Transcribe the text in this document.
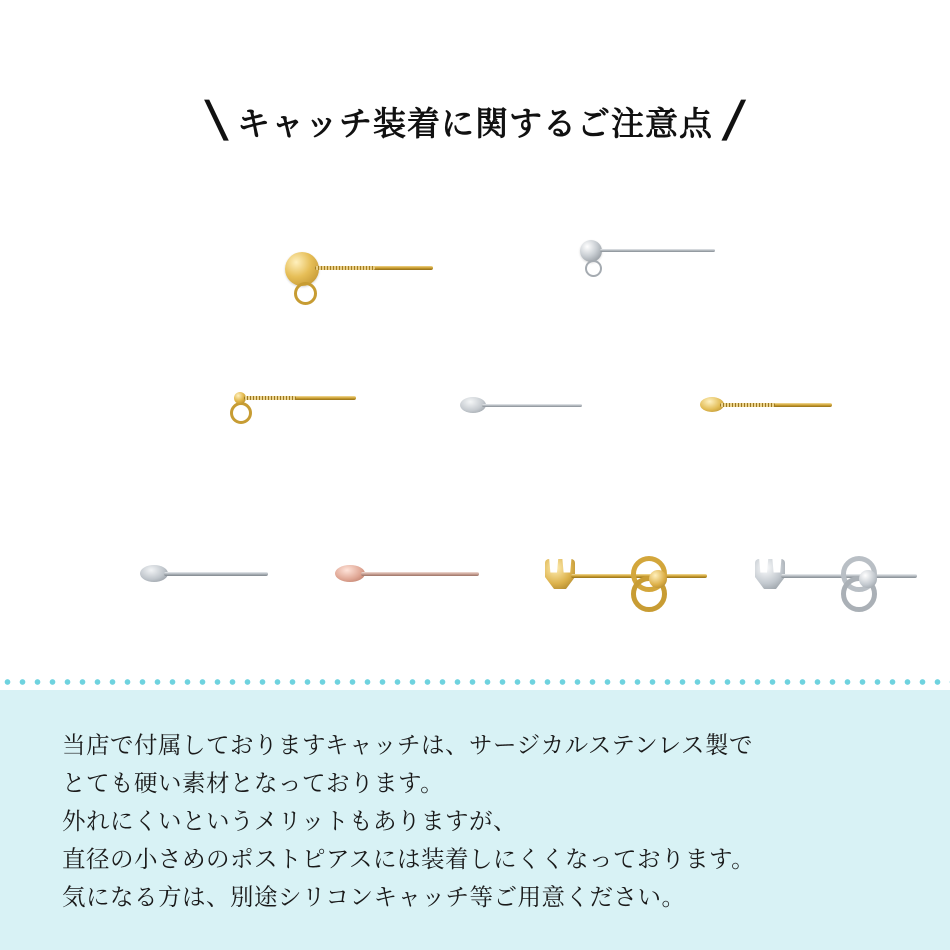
\ キャッチ装着に関するご注意点 /

当店で付属しておりますキャッチは、サージカルステンレス製で

とても硬い素材となっております。

外れにくいというメリットもありますが、

直径の小さめのポストピアスには装着しにくくなっております。

気になる方は、別途シリコンキャッチ等ご用意ください。
